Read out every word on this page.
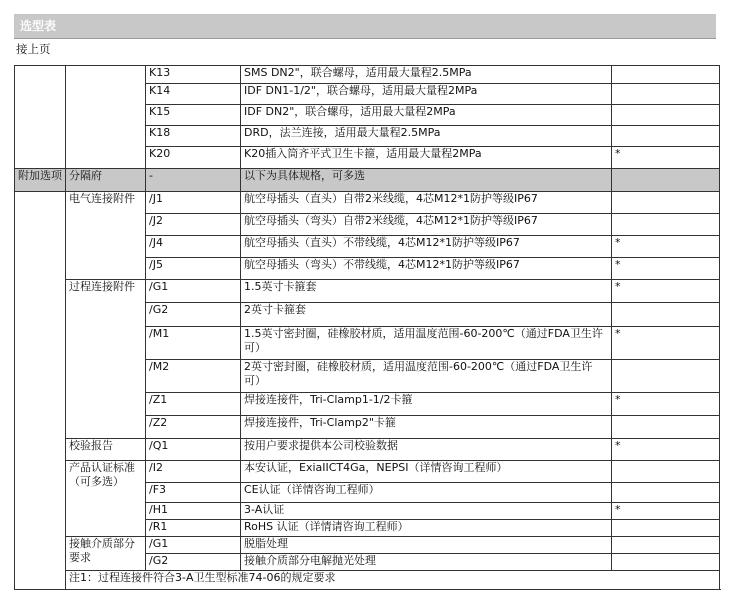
选型表
接上页
		K13	SMS DN2"，联合螺母，适用最大量程2.5MPa	
		K14	IDF DN1-1/2"，联合螺母，适用最大量程2MPa	
		K15	IDF DN2"，联合螺母，适用最大量程2MPa	
		K18	DRD，法兰连接，适用最大量程2.5MPa	
		K20	K20插入筒齐平式卫生卡箍，适用最大量程2MPa	*
附加选项	分隔府	-	以下为具体规格，可多选	
	电气连接附件	/J1	航空母插头（直头）自带2米线缆，4芯M12*1防护等级IP67	
		/J2	航空母插头（弯头）自带2米线缆，4芯M12*1防护等级IP67	
		/J4	航空母插头（直头）不带线缆，4芯M12*1防护等级IP67	*
		/J5	航空母插头（弯头）不带线缆，4芯M12*1防护等级IP67	*
	过程连接附件	/G1	1.5英寸卡箍套	*
		/G2	2英寸卡箍套	
		/M1	1.5英寸密封圈，硅橡胶材质，适用温度范围-60-200℃（通过FDA卫生许可）	*
		/M2	2英寸密封圈，硅橡胶材质，适用温度范围-60-200℃（通过FDA卫生许可）	
		/Z1	焊接连接件，Tri-Clamp1-1/2卡箍	*
		/Z2	焊接连接件，Tri-Clamp2"卡箍	
	校验报告	/Q1	按用户要求提供本公司校验数据	*
	产品认证标准（可多选）	/I2	本安认证，ExiaIICT4Ga，NEPSI（详情咨询工程师）	
		/F3	CE认证（详情咨询工程师）	
		/H1	3-A认证	*
		/R1	RoHS 认证（详情请咨询工程师）	
	接触介质部分要求	/G1	脱脂处理	
		/G2	接触介质部分电解抛光处理	
	注1：过程连接件符合3-A卫生型标准74-06的规定要求			
